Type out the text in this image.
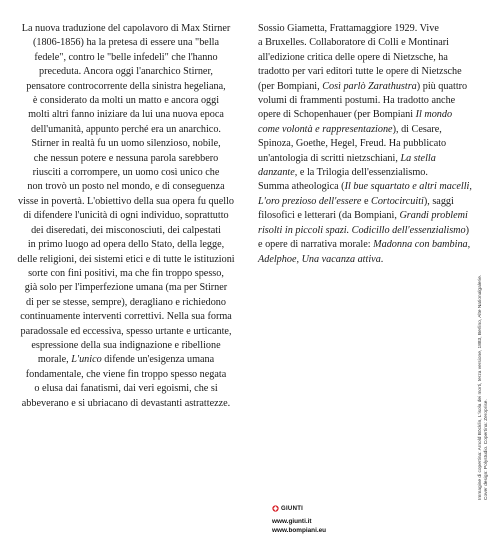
La nuova traduzione del capolavoro di Max Stirner

(1806-1856) ha la pretesa di essere una "bella

fedele", contro le "belle infedeli" che l'hanno

preceduta. Ancora oggi l'anarchico Stirner,

pensatore controcorrente della sinistra hegeliana,

è considerato da molti un matto e ancora oggi

molti altri fanno iniziare da lui una nuova epoca

dell'umanità, appunto perché era un anarchico.

Stirner in realtà fu un uomo silenzioso, nobile,

che nessun potere e nessuna parola sarebbero

riusciti a corrompere, un uomo così unico che

non trovò un posto nel mondo, e di conseguenza

visse in povertà. L'obiettivo della sua opera fu quello

di difendere l'unicità di ogni individuo, soprattutto

dei diseredati, dei misconosciuti, dei calpestati

in primo luogo ad opera dello Stato, della legge,

delle religioni, dei sistemi etici e di tutte le istituzioni

sorte con fini positivi, ma che fin troppo spesso,

già solo per l'imperfezione umana (ma per Stirner

di per se stesse, sempre), deragliano e richiedono

continuamente interventi correttivi. Nella sua forma

paradossale ed eccessiva, spesso urtante e urticante,

espressione della sua indignazione e ribellione

morale, L'unico difende un'esigenza umana

fondamentale, che viene fin troppo spesso negata

o elusa dai fanatismi, dai veri egoismi, che si

abbeverano e si ubriacano di devastanti astrattezze.

Sossio Giametta, Frattamaggiore 1929. Vive

a Bruxelles. Collaboratore di Colli e Montinari

all'edizione critica delle opere di Nietzsche, ha

tradotto per vari editori tutte le opere di Nietzsche

(per Bompiani, Così parlò Zarathustra) più quattro

volumi di frammenti postumi. Ha tradotto anche

opere di Schopenhauer (per Bompiani Il mondo

come volontà e rappresentazione), di Cesare,

Spinoza, Goethe, Hegel, Freud. Ha pubblicato

un'antologia di scritti nietzschiani, La stella

danzante, e la Trilogia dell'essenzialismo.

Summa atheologica (Il bue squartato e altri macelli,

L'oro prezioso dell'essere e Cortocircuiti), saggi

filosofici e letterari (da Bompiani, Grandi problemi

risolti in piccoli spazi. Codicillo dell'essenzialismo)

e opere di narrativa morale: Madonna con bambina,

Adelphoe, Una vacanza attiva.

Immagine di copertina: Arnold Böcklin, L'isola dei morti, terza versione, 1883, Berlino, Alte Nationalgalerie. Cover design: Polystudio. Copertina: Zeroprise.

GIUNTI
www.giunti.it
www.bompiani.eu
